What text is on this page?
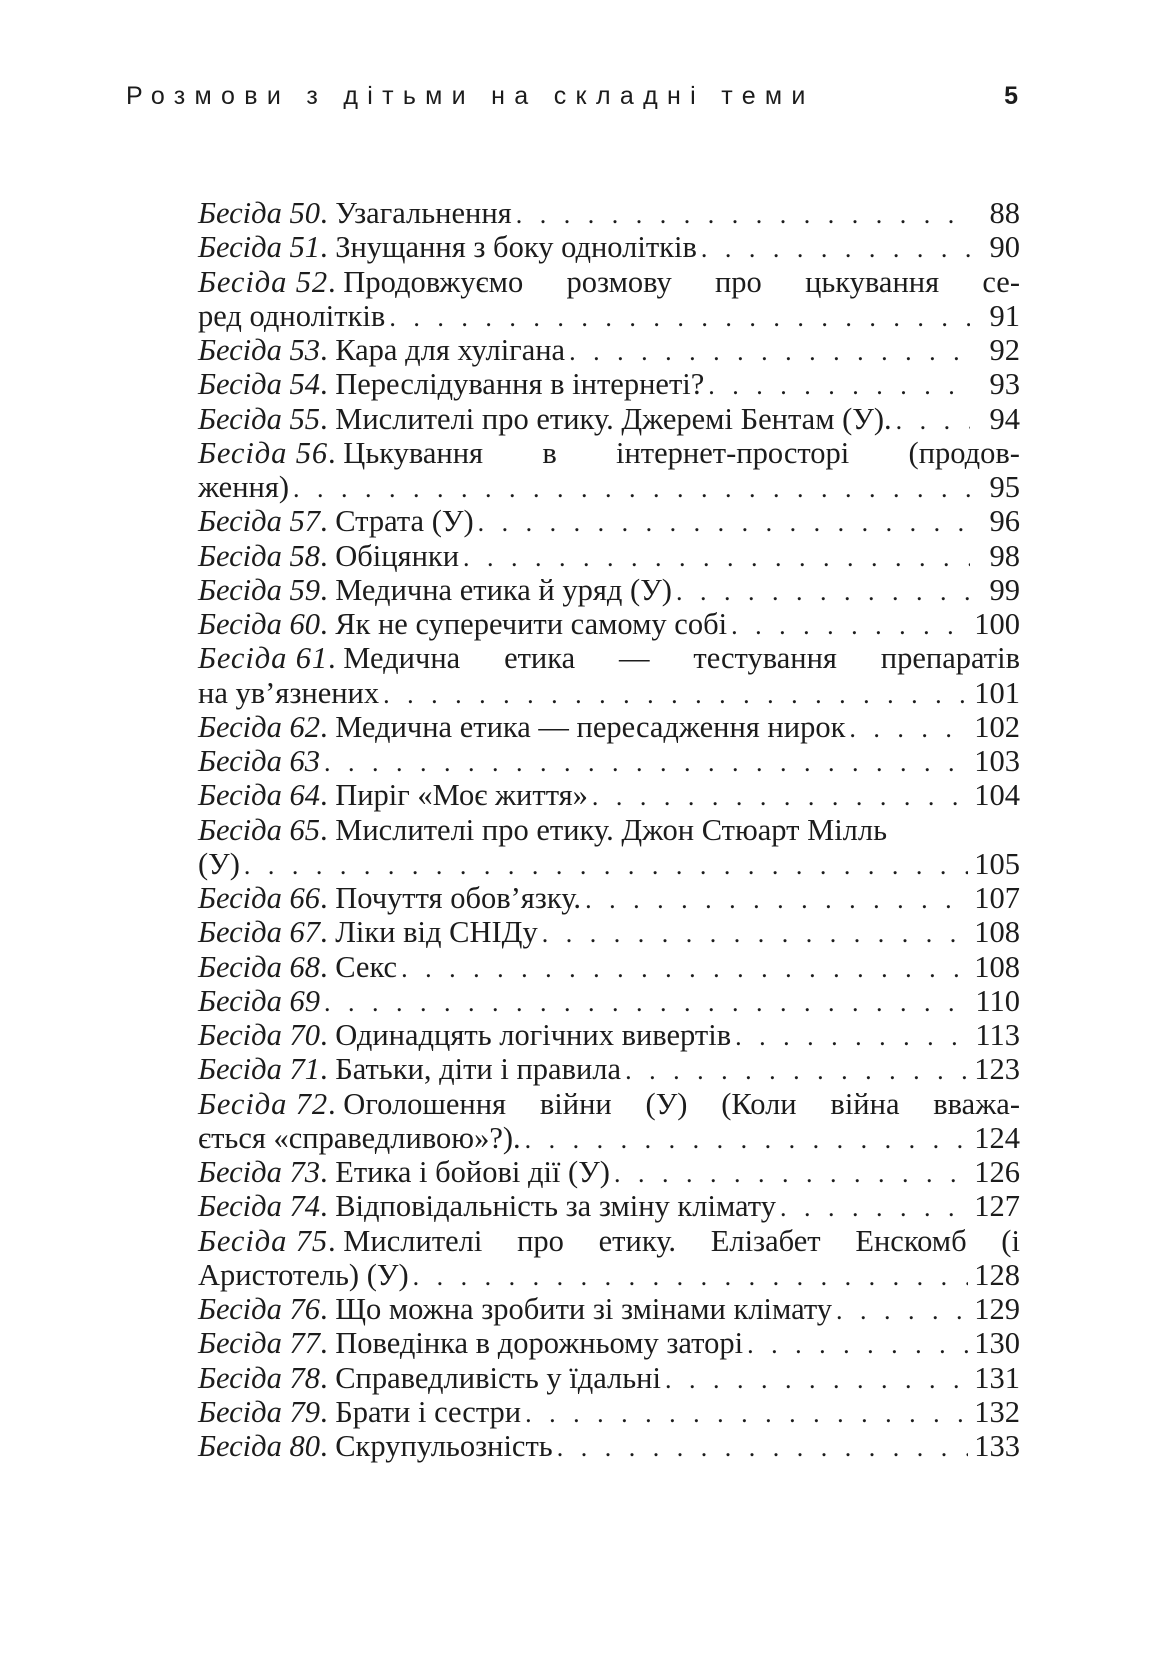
Розмови з дітьми на складні теми	5
Бесіда 50 . Узагальнення . . .	88
Бесіда 51 . Знущання з боку однолітків . . .	90
Бесіда 52. Продовжуємо розмову про цькування се-
ред однолітків . . .	91
Бесіда 53 . Кара для хулігана . . .	92
Бесіда 54 . Переслідування в інтернеті? . . .	93
Бесіда 55 . Мислителі про етику. Джеремі Бентам (У). . . .	94
Бесіда 56. Цькування в інтернет-просторі (продов-
ження) . . .	95
Бесіда 57 . Страта (У) . . .	96
Бесіда 58 . Обіцянки . . .	98
Бесіда 59 . Медична етика й уряд (У) . . .	99
Бесіда 60 . Як не суперечити самому собі . . .	100
Бесіда 61. Медична етика — тестування препаратів
на ув’язнених . . .	101
Бесіда 62 . Медична етика — пересадження нирок . . .	102
Бесіда 63 . . .	103
Бесіда 64 . Пиріг «Моє життя» . . .	104
Бесіда 65 . Мислителі про етику. Джон Стюарт Мілль
(У) . . .	105
Бесіда 66 . Почуття обов’язку. . . .	107
Бесіда 67 . Ліки від СНІДу . . .	108
Бесіда 68 . Секс . . .	108
Бесіда 69 . . .	110
Бесіда 70 . Одинадцять логічних вивертів . . .	113
Бесіда 71 . Батьки, діти і правила . . .	123
Бесіда 72. Оголошення війни (У) (Коли війна вважа-
ється «справедливою»?). . . .	124
Бесіда 73 . Етика і бойові дії (У) . . .	126
Бесіда 74 . Відповідальність за зміну клімату . . .	127
Бесіда 75. Мислителі про етику. Елізабет Енскомб (і
Аристотель) (У) . . .	128
Бесіда 76 . Що можна зробити зі змінами клімату . . .	129
Бесіда 77 . Поведінка в дорожньому заторі . . .	130
Бесіда 78 . Справедливість у їдальні . . .	131
Бесіда 79 . Брати і сестри . . .	132
Бесіда 80 . Скрупульозність . . .	133
